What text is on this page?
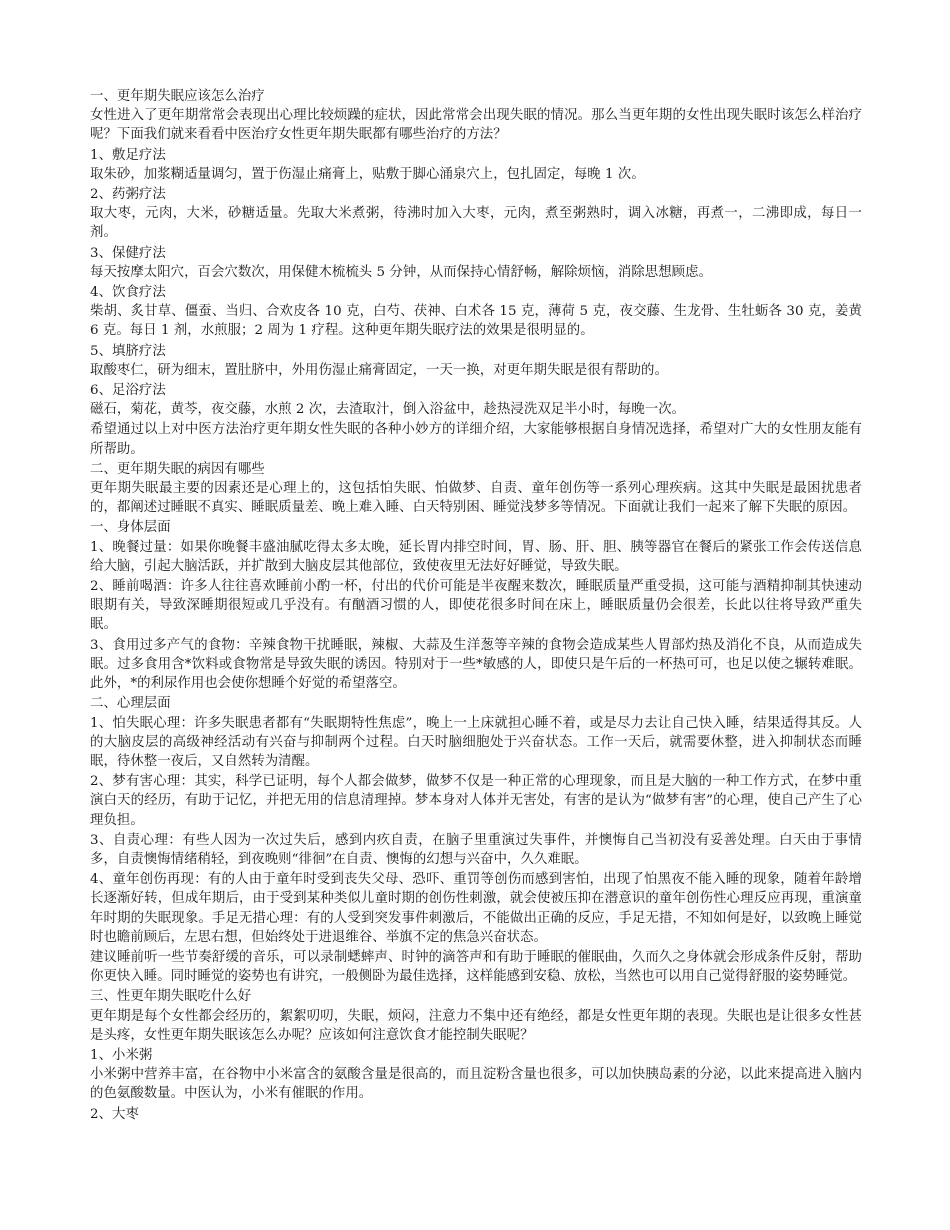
一、更年期失眠应该怎么治疗

女性进入了更年期常常会表现出心理比较烦躁的症状，因此常常会出现失眠的情况。那么当更年期的女性出现失眠时该怎么样治疗呢？下面我们就来看看中医治疗女性更年期失眠都有哪些治疗的方法？

1、敷足疗法

取朱砂，加浆糊适量调匀，置于伤湿止痛膏上，贴敷于脚心涌泉穴上，包扎固定，每晚 1 次。

2、药粥疗法

取大枣，元肉，大米，砂糖适量。先取大米煮粥，待沸时加入大枣，元肉，煮至粥熟时，调入冰糖，再煮一，二沸即成，每日一剂。

3、保健疗法

每天按摩太阳穴，百会穴数次，用保健木梳梳头 5 分钟，从而保持心情舒畅，解除烦恼，消除思想顾虑。

4、饮食疗法

柴胡、炙甘草、僵蚕、当归、合欢皮各 10 克，白芍、茯神、白术各 15 克，薄荷 5 克，夜交藤、生龙骨、生牡蛎各 30 克，姜黄 6 克。每日 1 剂，水煎服；2 周为 1 疗程。这种更年期失眠疗法的效果是很明显的。

5、填脐疗法

取酸枣仁，研为细末，置肚脐中，外用伤湿止痛膏固定，一天一换，对更年期失眠是很有帮助的。

6、足浴疗法

磁石，菊花，黄芩，夜交藤，水煎 2 次，去渣取汁，倒入浴盆中，趁热浸洗双足半小时，每晚一次。

希望通过以上对中医方法治疗更年期女性失眠的各种小妙方的详细介绍，大家能够根据自身情况选择，希望对广大的女性朋友能有所帮助。

二、更年期失眠的病因有哪些

更年期失眠最主要的因素还是心理上的，这包括怕失眠、怕做梦、自责、童年创伤等一系列心理疾病。这其中失眠是最困扰患者的，都阐述过睡眠不真实、睡眠质量差、晚上难入睡、白天特别困、睡觉浅梦多等情况。下面就让我们一起来了解下失眠的原因。

一、身体层面

1、晚餐过量：如果你晚餐丰盛油腻吃得太多太晚，延长胃内排空时间，胃、肠、肝、胆、胰等器官在餐后的紧张工作会传送信息给大脑，引起大脑活跃，并扩散到大脑皮层其他部位，致使夜里无法好好睡觉，导致失眠。

2、睡前喝酒：许多人往往喜欢睡前小酌一杯，付出的代价可能是半夜醒来数次，睡眠质量严重受损，这可能与酒精抑制其快速动眼期有关，导致深睡期很短或几乎没有。有酗酒习惯的人，即使花很多时间在床上，睡眠质量仍会很差，长此以往将导致严重失眠。

3、食用过多产气的食物：辛辣食物干扰睡眠，辣椒、大蒜及生洋葱等辛辣的食物会造成某些人胃部灼热及消化不良，从而造成失眠。过多食用含*饮料或食物常是导致失眠的诱因。特别对于一些*敏感的人，即使只是午后的一杯热可可，也足以使之辗转难眠。此外，*的利尿作用也会使你想睡个好觉的希望落空。

二、心理层面

1、怕失眠心理：许多失眠患者都有“失眠期特性焦虑”，晚上一上床就担心睡不着，或是尽力去让自己快入睡，结果适得其反。人的大脑皮层的高级神经活动有兴奋与抑制两个过程。白天时脑细胞处于兴奋状态。工作一天后，就需要休整，进入抑制状态而睡眠，待休整一夜后，又自然转为清醒。

2、梦有害心理：其实，科学已证明，每个人都会做梦，做梦不仅是一种正常的心理现象，而且是大脑的一种工作方式，在梦中重演白天的经历，有助于记忆，并把无用的信息清理掉。梦本身对人体并无害处，有害的是认为“做梦有害”的心理，使自己产生了心理负担。

3、自责心理：有些人因为一次过失后，感到内疚自责，在脑子里重演过失事件，并懊悔自己当初没有妥善处理。白天由于事情多，自责懊悔情绪稍轻，到夜晚则“徘徊”在自责、懊悔的幻想与兴奋中，久久难眠。

4、童年创伤再现：有的人由于童年时受到丧失父母、恐吓、重罚等创伤而感到害怕，出现了怕黑夜不能入睡的现象，随着年龄增长逐渐好转，但成年期后，由于受到某种类似儿童时期的创伤性刺激，就会使被压抑在潜意识的童年创伤性心理反应再现，重演童年时期的失眠现象。手足无措心理：有的人受到突发事件刺激后，不能做出正确的反应，手足无措，不知如何是好，以致晚上睡觉时也瞻前顾后，左思右想，但始终处于进退维谷、举旗不定的焦急兴奋状态。

建议睡前听一些节奏舒缓的音乐，可以录制蟋蟀声、时钟的滴答声和有助于睡眠的催眠曲，久而久之身体就会形成条件反射，帮助你更快入睡。同时睡觉的姿势也有讲究，一般侧卧为最佳选择，这样能感到安稳、放松，当然也可以用自己觉得舒服的姿势睡觉。

三、性更年期失眠吃什么好

更年期是每个女性都会经历的，絮絮叨叨，失眠，烦闷，注意力不集中还有绝经，都是女性更年期的表现。失眠也是让很多女性甚是头疼，女性更年期失眠该怎么办呢？应该如何注意饮食才能控制失眠呢？

1、小米粥

小米粥中营养丰富，在谷物中小米富含的氨酸含量是很高的，而且淀粉含量也很多，可以加快胰岛素的分泌，以此来提高进入脑内的色氨酸数量。中医认为，小米有催眠的作用。

2、大枣
